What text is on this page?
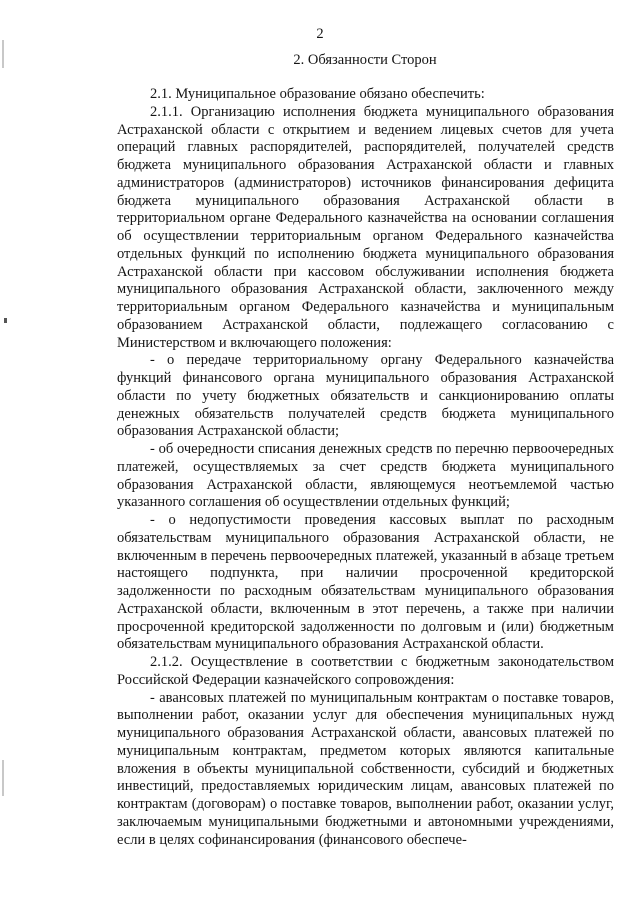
2
2. Обязанности Сторон

2.1. Муниципальное образование обязано обеспечить:

2.1.1. Организацию исполнения бюджета муниципального образования Астраханской области с открытием и ведением лицевых счетов для учета операций главных распорядителей, распорядителей, получателей средств бюджета муниципального образования Астраханской области и главных администраторов (администраторов) источников финансирования дефицита бюджета муниципального образования Астраханской области в территориальном органе Федерального казначейства на основании соглашения об осуществлении территориальным органом Федерального казначейства отдельных функций по исполнению бюджета муниципального образования Астраханской области при кассовом обслуживании исполнения бюджета муниципального образования Астраханской области, заключенного между территориальным органом Федерального казначейства и муниципальным образованием Астраханской области, подлежащего согласованию с Министерством и включающего положения:

- о передаче территориальному органу Федерального казначейства функций финансового органа муниципального образования Астраханской области по учету бюджетных обязательств и санкционированию оплаты денежных обязательств получателей средств бюджета муниципального образования Астраханской области;

- об очередности списания денежных средств по перечню первоочередных платежей, осуществляемых за счет средств бюджета муниципального образования Астраханской области, являющемуся неотъемлемой частью указанного соглашения об осуществлении отдельных функций;

- о недопустимости проведения кассовых выплат по расходным обязательствам муниципального образования Астраханской области, не включенным в перечень первоочередных платежей, указанный в абзаце третьем настоящего подпункта, при наличии просроченной кредиторской задолженности по расходным обязательствам муниципального образования Астраханской области, включенным в этот перечень, а также при наличии просроченной кредиторской задолженности по долговым и (или) бюджетным обязательствам муниципального образования Астраханской области.

2.1.2. Осуществление в соответствии с бюджетным законодательством Российской Федерации казначейского сопровождения:

- авансовых платежей по муниципальным контрактам о поставке товаров, выполнении работ, оказании услуг для обеспечения муниципальных нужд муниципального образования Астраханской области, авансовых платежей по муниципальным контрактам, предметом которых являются капитальные вложения в объекты муниципальной собственности, субсидий и бюджетных инвестиций, предоставляемых юридическим лицам, авансовых платежей по контрактам (договорам) о поставке товаров, выполнении работ, оказании услуг, заключаемым муниципальными бюджетными и автономными учреждениями, если в целях софинансирования (финансового обеспече-
